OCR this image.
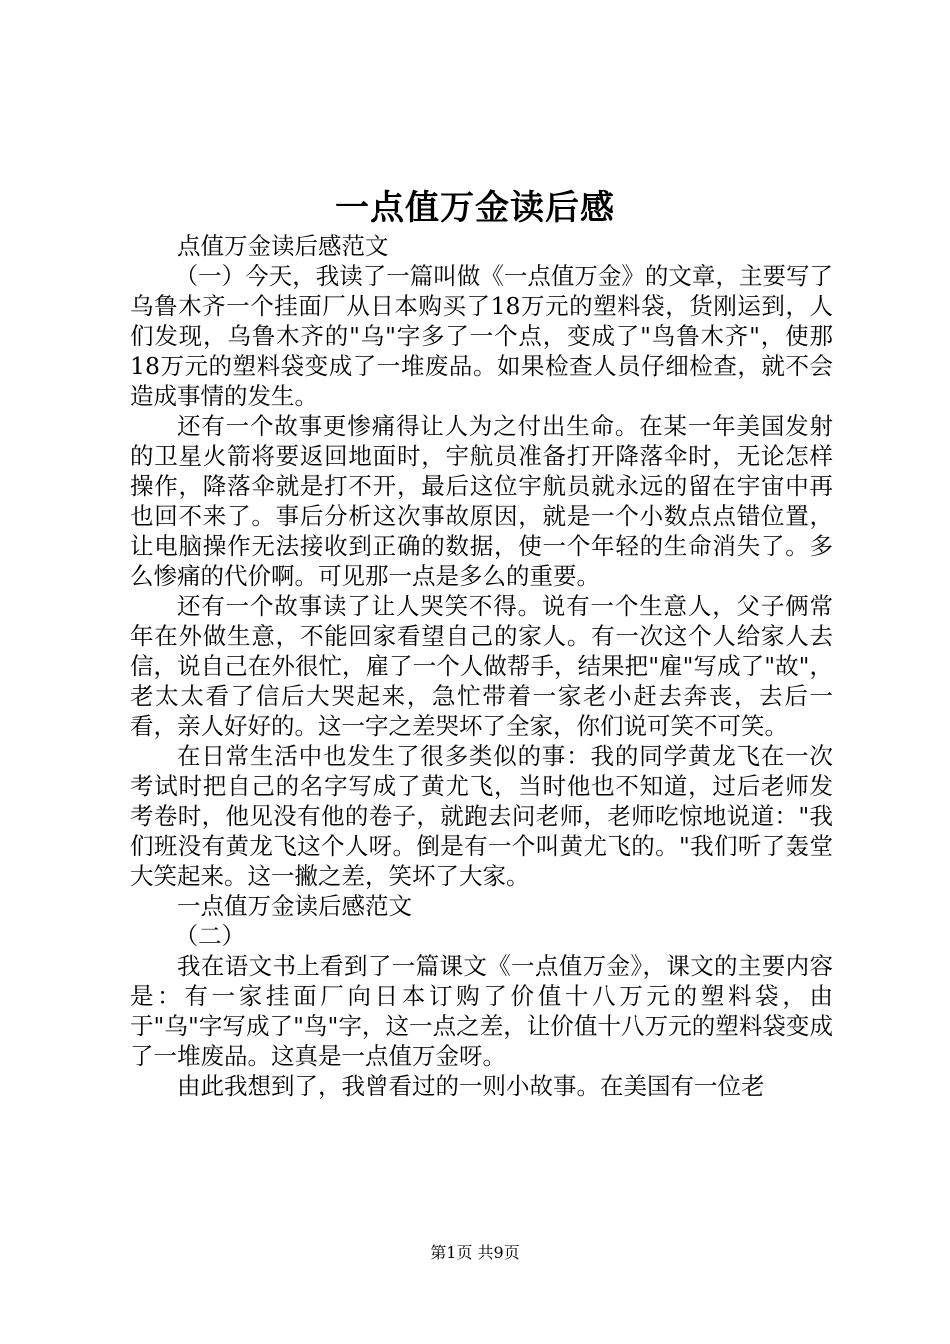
一点值万金读后感

点值万金读后感范文

（一）今天，我读了一篇叫做《一点值万金》的文章，主要写了乌鲁木齐一个挂面厂从日本购买了18万元的塑料袋，货刚运到，人们发现，乌鲁木齐的"乌"字多了一个点，变成了"鸟鲁木齐"，使那18万元的塑料袋变成了一堆废品。如果检查人员仔细检查，就不会造成事情的发生。

还有一个故事更惨痛得让人为之付出生命。在某一年美国发射的卫星火箭将要返回地面时，宇航员准备打开降落伞时，无论怎样操作，降落伞就是打不开，最后这位宇航员就永远的留在宇宙中再也回不来了。事后分析这次事故原因，就是一个小数点点错位置，让电脑操作无法接收到正确的数据，使一个年轻的生命消失了。多么惨痛的代价啊。可见那一点是多么的重要。

还有一个故事读了让人哭笑不得。说有一个生意人，父子俩常年在外做生意，不能回家看望自己的家人。有一次这个人给家人去信，说自己在外很忙，雇了一个人做帮手，结果把"雇"写成了"故"，老太太看了信后大哭起来，急忙带着一家老小赶去奔丧，去后一看，亲人好好的。这一字之差哭坏了全家，你们说可笑不可笑。

在日常生活中也发生了很多类似的事：我的同学黄龙飞在一次考试时把自己的名字写成了黄尤飞，当时他也不知道，过后老师发考卷时，他见没有他的卷子，就跑去问老师，老师吃惊地说道："我们班没有黄龙飞这个人呀。倒是有一个叫黄尤飞的。"我们听了轰堂大笑起来。这一撇之差，笑坏了大家。

一点值万金读后感范文

（二）

我在语文书上看到了一篇课文《一点值万金》，课文的主要内容是：有一家挂面厂向日本订购了价值十八万元的塑料袋，由于"乌"字写成了"鸟"字，这一点之差，让价值十八万元的塑料袋变成了一堆废品。这真是一点值万金呀。

由此我想到了，我曾看过的一则小故事。在美国有一位老

第1页 共9页
